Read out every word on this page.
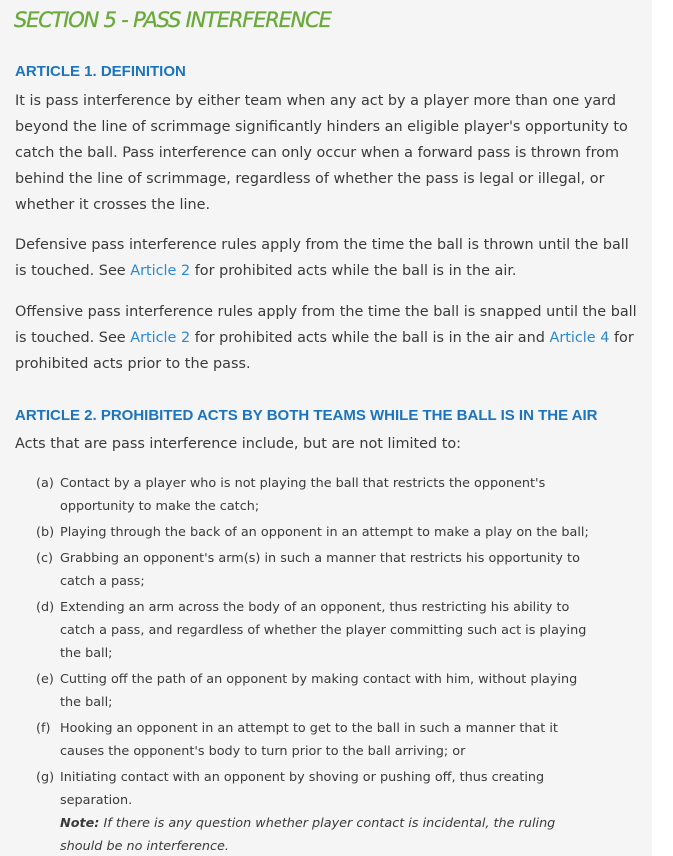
SECTION 5 - PASS INTERFERENCE
ARTICLE 1. DEFINITION

It is pass interference by either team when any act by a player more than one yard beyond the line of scrimmage significantly hinders an eligible player's opportunity to catch the ball. Pass interference can only occur when a forward pass is thrown from behind the line of scrimmage, regardless of whether the pass is legal or illegal, or whether it crosses the line.

Defensive pass interference rules apply from the time the ball is thrown until the ball is touched. See Article 2 for prohibited acts while the ball is in the air.

Offensive pass interference rules apply from the time the ball is snapped until the ball is touched. See Article 2 for prohibited acts while the ball is in the air and Article 4 for prohibited acts prior to the pass.

ARTICLE 2. PROHIBITED ACTS BY BOTH TEAMS WHILE THE BALL IS IN THE AIR

Acts that are pass interference include, but are not limited to:

(a) Contact by a player who is not playing the ball that restricts the opponent's opportunity to make the catch;
(b) Playing through the back of an opponent in an attempt to make a play on the ball;
(c) Grabbing an opponent's arm(s) in such a manner that restricts his opportunity to catch a pass;
(d) Extending an arm across the body of an opponent, thus restricting his ability to catch a pass, and regardless of whether the player committing such act is playing the ball;
(e) Cutting off the path of an opponent by making contact with him, without playing the ball;
(f) Hooking an opponent in an attempt to get to the ball in such a manner that it causes the opponent's body to turn prior to the ball arriving; or
(g) Initiating contact with an opponent by shoving or pushing off, thus creating separation.
Note: If there is any question whether player contact is incidental, the ruling should be no interference.
